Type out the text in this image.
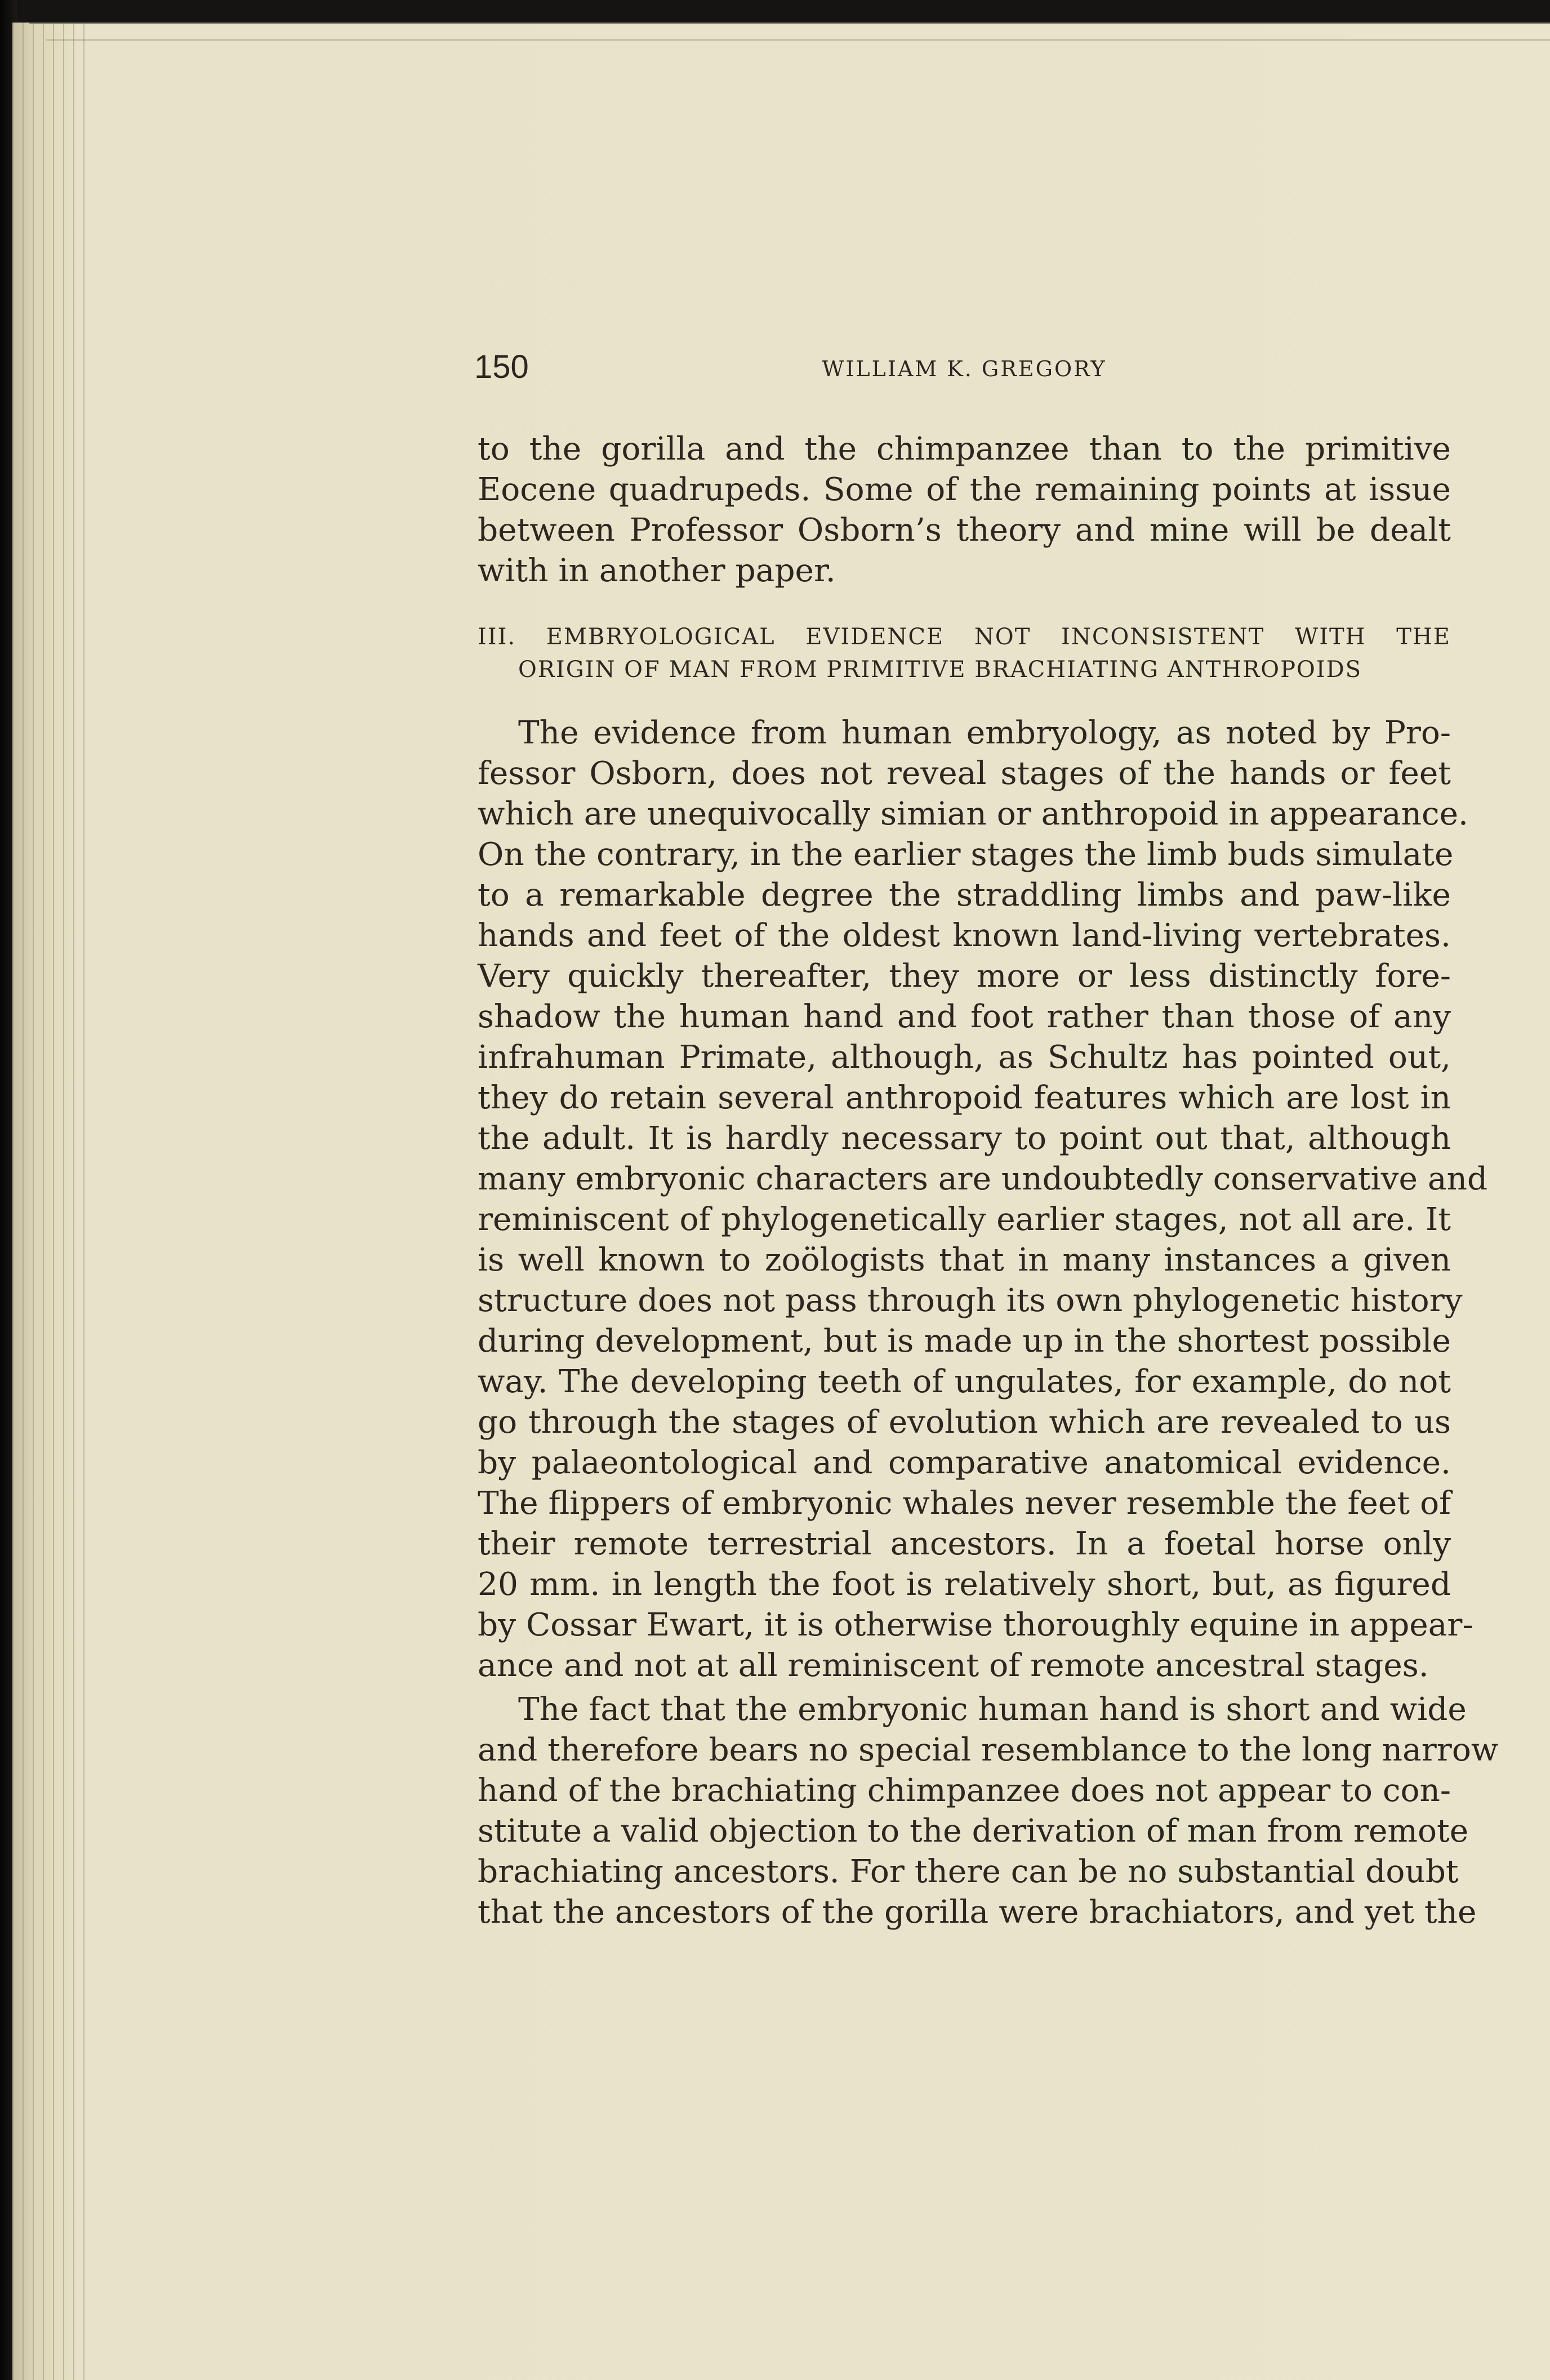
150	WILLIAM K. GREGORY
to the gorilla and the chimpanzee than to the primitive
Eocene quadrupeds. Some of the remaining points at issue
between Professor Osborn’s theory and mine will be dealt
with in another paper.
III. EMBRYOLOGICAL EVIDENCE NOT INCONSISTENT WITH THE
ORIGIN OF MAN FROM PRIMITIVE BRACHIATING ANTHROPOIDS
The evidence from human embryology, as noted by Pro-
fessor Osborn, does not reveal stages of the hands or feet
which are unequivocally simian or anthropoid in appearance.
On the contrary, in the earlier stages the limb buds simulate
to a remarkable degree the straddling limbs and paw-like
hands and feet of the oldest known land-living vertebrates.
Very quickly thereafter, they more or less distinctly fore-
shadow the human hand and foot rather than those of any
infrahuman Primate, although, as Schultz has pointed out,
they do retain several anthropoid features which are lost in
the adult. It is hardly necessary to point out that, although
many embryonic characters are undoubtedly conservative and
reminiscent of phylogenetically earlier stages, not all are. It
is well known to zoölogists that in many instances a given
structure does not pass through its own phylogenetic history
during development, but is made up in the shortest possible
way. The developing teeth of ungulates, for example, do not
go through the stages of evolution which are revealed to us
by palaeontological and comparative anatomical evidence.
The flippers of embryonic whales never resemble the feet of
their remote terrestrial ancestors. In a foetal horse only
20 mm. in length the foot is relatively short, but, as figured
by Cossar Ewart, it is otherwise thoroughly equine in appear-
ance and not at all reminiscent of remote ancestral stages.
The fact that the embryonic human hand is short and wide
and therefore bears no special resemblance to the long narrow
hand of the brachiating chimpanzee does not appear to con-
stitute a valid objection to the derivation of man from remote
brachiating ancestors. For there can be no substantial doubt
that the ancestors of the gorilla were brachiators, and yet the
